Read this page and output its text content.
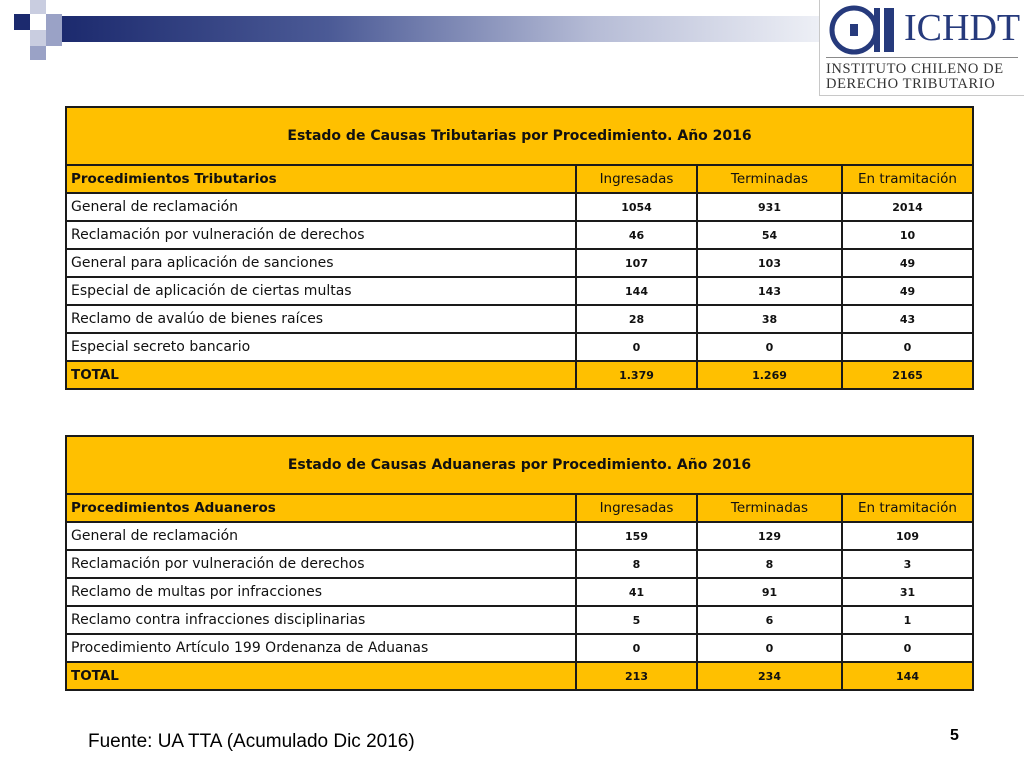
ICHDT
INSTITUTO CHILENO DE
DERECHO TRIBUTARIO
Estado de Causas Tributarias por Procedimiento. Año 2016			
Procedimientos Tributarios	Ingresadas	Terminadas	En tramitación
General de reclamación	1054	931	2014
Reclamación por vulneración de derechos	46	54	10
General para aplicación de sanciones	107	103	49
Especial de aplicación de ciertas multas	144	143	49
Reclamo de avalúo de bienes raíces	28	38	43
Especial secreto bancario	0	0	0
TOTAL	1.379	1.269	2165
Estado de Causas Aduaneras por Procedimiento. Año 2016			
Procedimientos Aduaneros	Ingresadas	Terminadas	En tramitación
General de reclamación	159	129	109
Reclamación por vulneración de derechos	8	8	3
Reclamo de multas por infracciones	41	91	31
Reclamo contra infracciones disciplinarias	5	6	1
Procedimiento Artículo 199 Ordenanza de Aduanas	0	0	0
TOTAL	213	234	144
Fuente: UA TTA (Acumulado Dic 2016)	5
